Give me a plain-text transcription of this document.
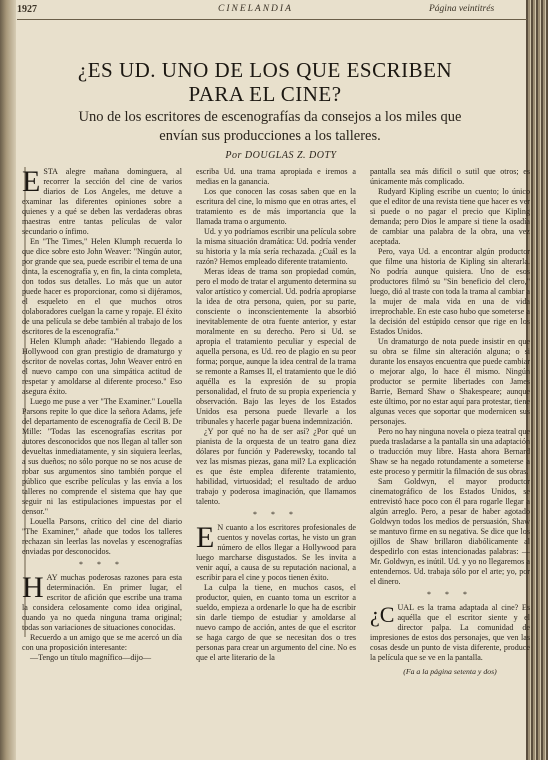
1927	CINELANDIA	Página veintitrés
¿ES UD. UNO DE LOS QUE ESCRIBEN PARA EL CINE?

Uno de los escritores de escenografías da consejos a los miles que envían sus producciones a los talleres.

Por DOUGLAS Z. DOTY

ESTA alegre mañana dominguera, al recorrer la sección del cine de varios diarios de Los Angeles, me detuve a examinar las diferentes opiniones sobre a quienes y a qué se deben las verdaderas obras maestras entre tantas películas de valor secundario o ínfimo.

En "The Times," Helen Klumph recuerda lo que dice sobre esto John Weaver: "Ningún autor, por grande que sea, puede escribir el tema de una cinta, la escenografía y, en fin, la cinta completa, con todos sus detalles. Lo más que un autor puede hacer es proporcionar, como si dijéramos, el esqueleto en el que muchos otros colaboradores cuelgan la carne y ropaje. El éxito de una película se debe también al trabajo de los escritores de la escenografía."

Helen Klumph añade: "Habiendo llegado a Hollywood con gran prestigio de dramaturgo y escritor de novelas cortas, John Weaver entró en el nuevo campo con una simpática actitud de respetar y amoldarse al diferente proceso." Eso asegura éxito.

Luego me puse a ver "The Examiner." Louella Parsons repite lo que dice la señora Adams, jefe del departamento de escenografía de Cecil B. De Mille: "Todas las escenografías escritas por autores desconocidos que nos llegan al taller son devueltas inmediatamente, y sin siquiera leerlas, a sus dueños; no sólo porque no se nos acuse de robar sus argumentos sino también porque el público que escribe películas y las envía a los talleres no comprende el sistema que hay que seguir ni las estipulaciones impuestas por el censor."

Louella Parsons, crítico del cine del diario "The Examiner," añade que todos los talleres rechazan sin leerlas las novelas y escenografías enviadas por desconocidos.

* * *

HAY muchas poderosas razones para esta determinación. En primer lugar, el escritor de afición que escribe una trama la considera celosamente como idea original, cuando ya no queda ninguna trama original; todas son variaciones de situaciones conocidas.

Recuerdo a un amigo que se me acercó un día con una proposición interesante:

—Tengo un título magnífico—dijo—

escriba Ud. una trama apropiada e iremos a medias en la ganancia.

Los que conocen las cosas saben que en la escritura del cine, lo mismo que en otras artes, el tratamiento es de más importancia que la llamada trama o argumento.

Ud. y yo podríamos escribir una película sobre la misma situación dramática: Ud. podría vender su historia y la mía sería rechazada. ¿Cuál es la razón? Hemos empleado diferente tratamiento.

Meras ideas de trama son propiedad común, pero el modo de tratar el argumento determina su valor artístico y comercial. Ud. podría apropiarse la idea de otra persona, quien, por su parte, consciente o inconscientemente la absorbió inevitablemente de otra fuente anterior, y estar moralmente en su derecho. Pero si Ud. se apropia el tratamiento peculiar y especial de aquella persona, es Ud. reo de plagio en su peor forma; porque, aunque la idea central de la trama se remonte a Ramses II, el tratamiento que le dió aquélla es la expresión de su propia personalidad, el fruto de su propia experiencia y observación. Bajo las leyes de los Estados Unidos esa persona puede llevarle a los tribunales y hacerle pagar buena indemnización.

¿Y por qué no ha de ser así? ¿Por qué un pianista de la orquesta de un teatro gana diez dólares por función y Paderewsky, tocando tal vez las mismas piezas, gana mil? La explicación es que éste emplea diferente tratamiento, habilidad, virtuosidad; el resultado de arduo trabajo y poderosa imaginación, que llamamos talento.

* * *

E N cuanto a los escritores profesionales de cuentos y novelas cortas, he visto un gran número de ellos llegar a Hollywood para luego marcharse disgustados. Se les invita a venir aquí, a causa de su reputación nacional, a escribir para el cine y pocos tienen éxito.

La culpa la tiene, en muchos casos, el productor, quien, en cuanto toma un escritor a sueldo, empieza a ordenarle lo que ha de escribir sin darle tiempo de estudiar y amoldarse al nuevo campo de acción, antes de que el escritor se haga cargo de que se necesitan dos o tres personas para crear un argumento del cine. No es que el arte literario de la

pantalla sea más difícil o sutil que otros; es únicamente más complicado.

Rudyard Kipling escribe un cuento; lo único que el editor de una revista tiene que hacer es ver si puede o no pagar el precio que Kipling demanda; pero Dios le ampare si tiene la osadía de cambiar una palabra de la obra, una vez aceptada.

Pero, vaya Ud. a encontrar algún productor que filme una historia de Kipling sin alterarla. No podría aunque quisiera. Uno de esos productores filmó su "Sin beneficio del clero," luego, dió al traste con toda la trama al cambiar a la mujer de mala vida en una de vida irreprochable. En este caso hubo que someterse a la decisión del estúpido censor que rige en los Estados Unidos.

Un dramaturgo de nota puede insistir en que su obra se filme sin alteración alguna; o si durante los ensayos encuentra que puede cambiar o mejorar algo, lo hace él mismo. Ningún productor se permite libertades con James Barrie, Bernard Shaw o Shakespeare; aunque este último, por no estar aquí para protestar, tiene algunas veces que soportar que modernicen sus personajes.

Pero no hay ninguna novela o pieza teatral que pueda trasladarse a la pantalla sin una adaptación o traducción muy libre. Hasta ahora Bernard Shaw se ha negado rotundamente a someterse a este proceso y permitir la filmación de sus obras.

Sam Goldwyn, el mayor productor cinematográfico de los Estados Unidos, se entrevistó hace poco con él para rogarle llegar a algún arreglo. Pero, a pesar de haber agotado Goldwyn todos los medios de persuasión, Shaw se mantuvo firme en su negativa. Se dice que los ojillos de Shaw brillaron diabólicamente al despedirlo con estas intencionadas palabras: —Mr. Goldwyn, es inútil. Ud. y yo no llegaremos a entendernos. Ud. trabaja sólo por el arte; yo, por el dinero.

* * *

¿C UAL es la trama adaptada al cine? Es aquélla que el escritor siente y el director palpa. La comunidad de impresiones de estos dos personajes, que ven las cosas desde un punto de vista diferente, produce la película que se ve en la pantalla.

(Fa a la página setenta y dos)
